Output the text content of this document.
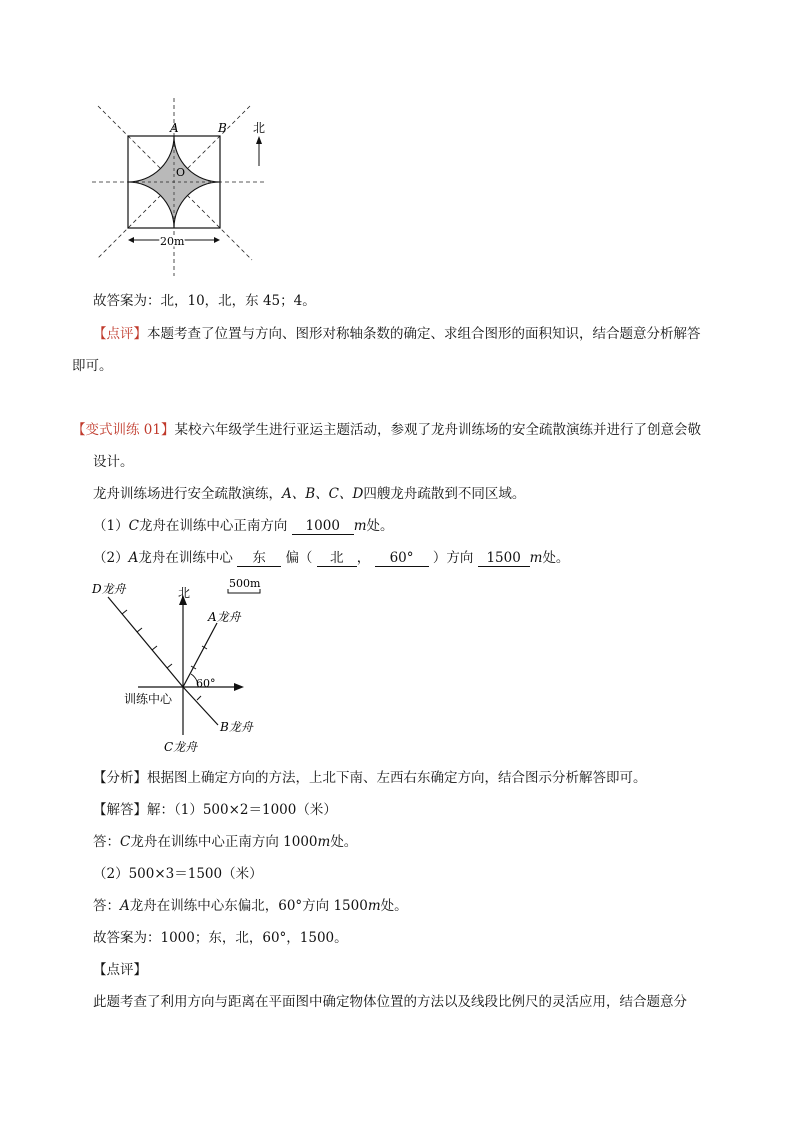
A	B
O
北
20m
故答案为：北，10，北，东 45；4。
【点评】本题考查了位置与方向、图形对称轴条数的确定、求组合图形的面积知识，结合题意分析解答
即可。
【变式训练 01】某校六年级学生进行亚运主题活动，参观了龙舟训练场的安全疏散演练并进行了创意会敬
设计。
龙舟训练场进行安全疏散演练，A、B、C、D四艘龙舟疏散到不同区域。
（1）C龙舟在训练中心正南方向 1000 m处。
（2）A龙舟在训练中心 东 偏（ 北 ， 60° ）方向 1500 m处。
500m
D龙舟	北
A龙舟
60°
训练中心
B龙舟
C龙舟
【分析】根据图上确定方向的方法，上北下南、左西右东确定方向，结合图示分析解答即可。
【解答】解：（1）500×2＝1000（米）
答：C龙舟在训练中心正南方向 1000m处。
（2）500×3＝1500（米）
答：A龙舟在训练中心东偏北，60°方向 1500m处。
故答案为：1000；东，北，60°，1500。
【点评】
此题考查了利用方向与距离在平面图中确定物体位置的方法以及线段比例尺的灵活应用，结合题意分
